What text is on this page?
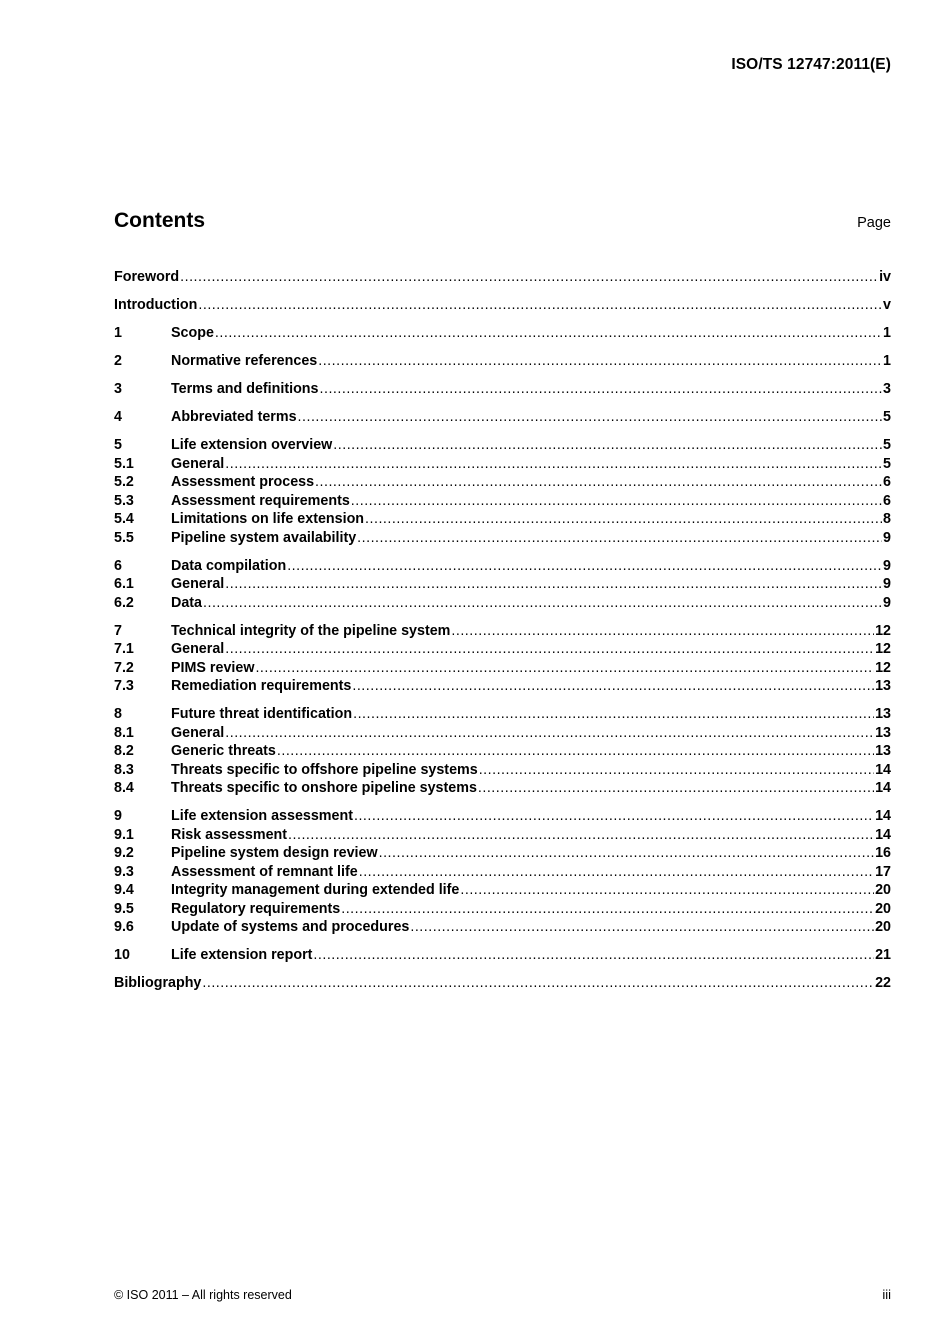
ISO/TS 12747:2011(E)
Contents	Page
Foreword .....	iv
Introduction .....	v
1	Scope .....	1
2	Normative references .....	1
3	Terms and definitions .....	3
4	Abbreviated terms .....	5
5	Life extension overview .....	5
5.1	General .....	5
5.2	Assessment process .....	6
5.3	Assessment requirements .....	6
5.4	Limitations on life extension .....	8
5.5	Pipeline system availability .....	9
6	Data compilation .....	9
6.1	General .....	9
6.2	Data .....	9
7	Technical integrity of the pipeline system .....	12
7.1	General .....	12
7.2	PIMS review .....	12
7.3	Remediation requirements .....	13
8	Future threat identification .....	13
8.1	General .....	13
8.2	Generic threats .....	13
8.3	Threats specific to offshore pipeline systems .....	14
8.4	Threats specific to onshore pipeline systems .....	14
9	Life extension assessment .....	14
9.1	Risk assessment .....	14
9.2	Pipeline system design review .....	16
9.3	Assessment of remnant life .....	17
9.4	Integrity management during extended life .....	20
9.5	Regulatory requirements .....	20
9.6	Update of systems and procedures .....	20
10	Life extension report .....	21
Bibliography .....	22
© ISO 2011 – All rights reserved	iii
